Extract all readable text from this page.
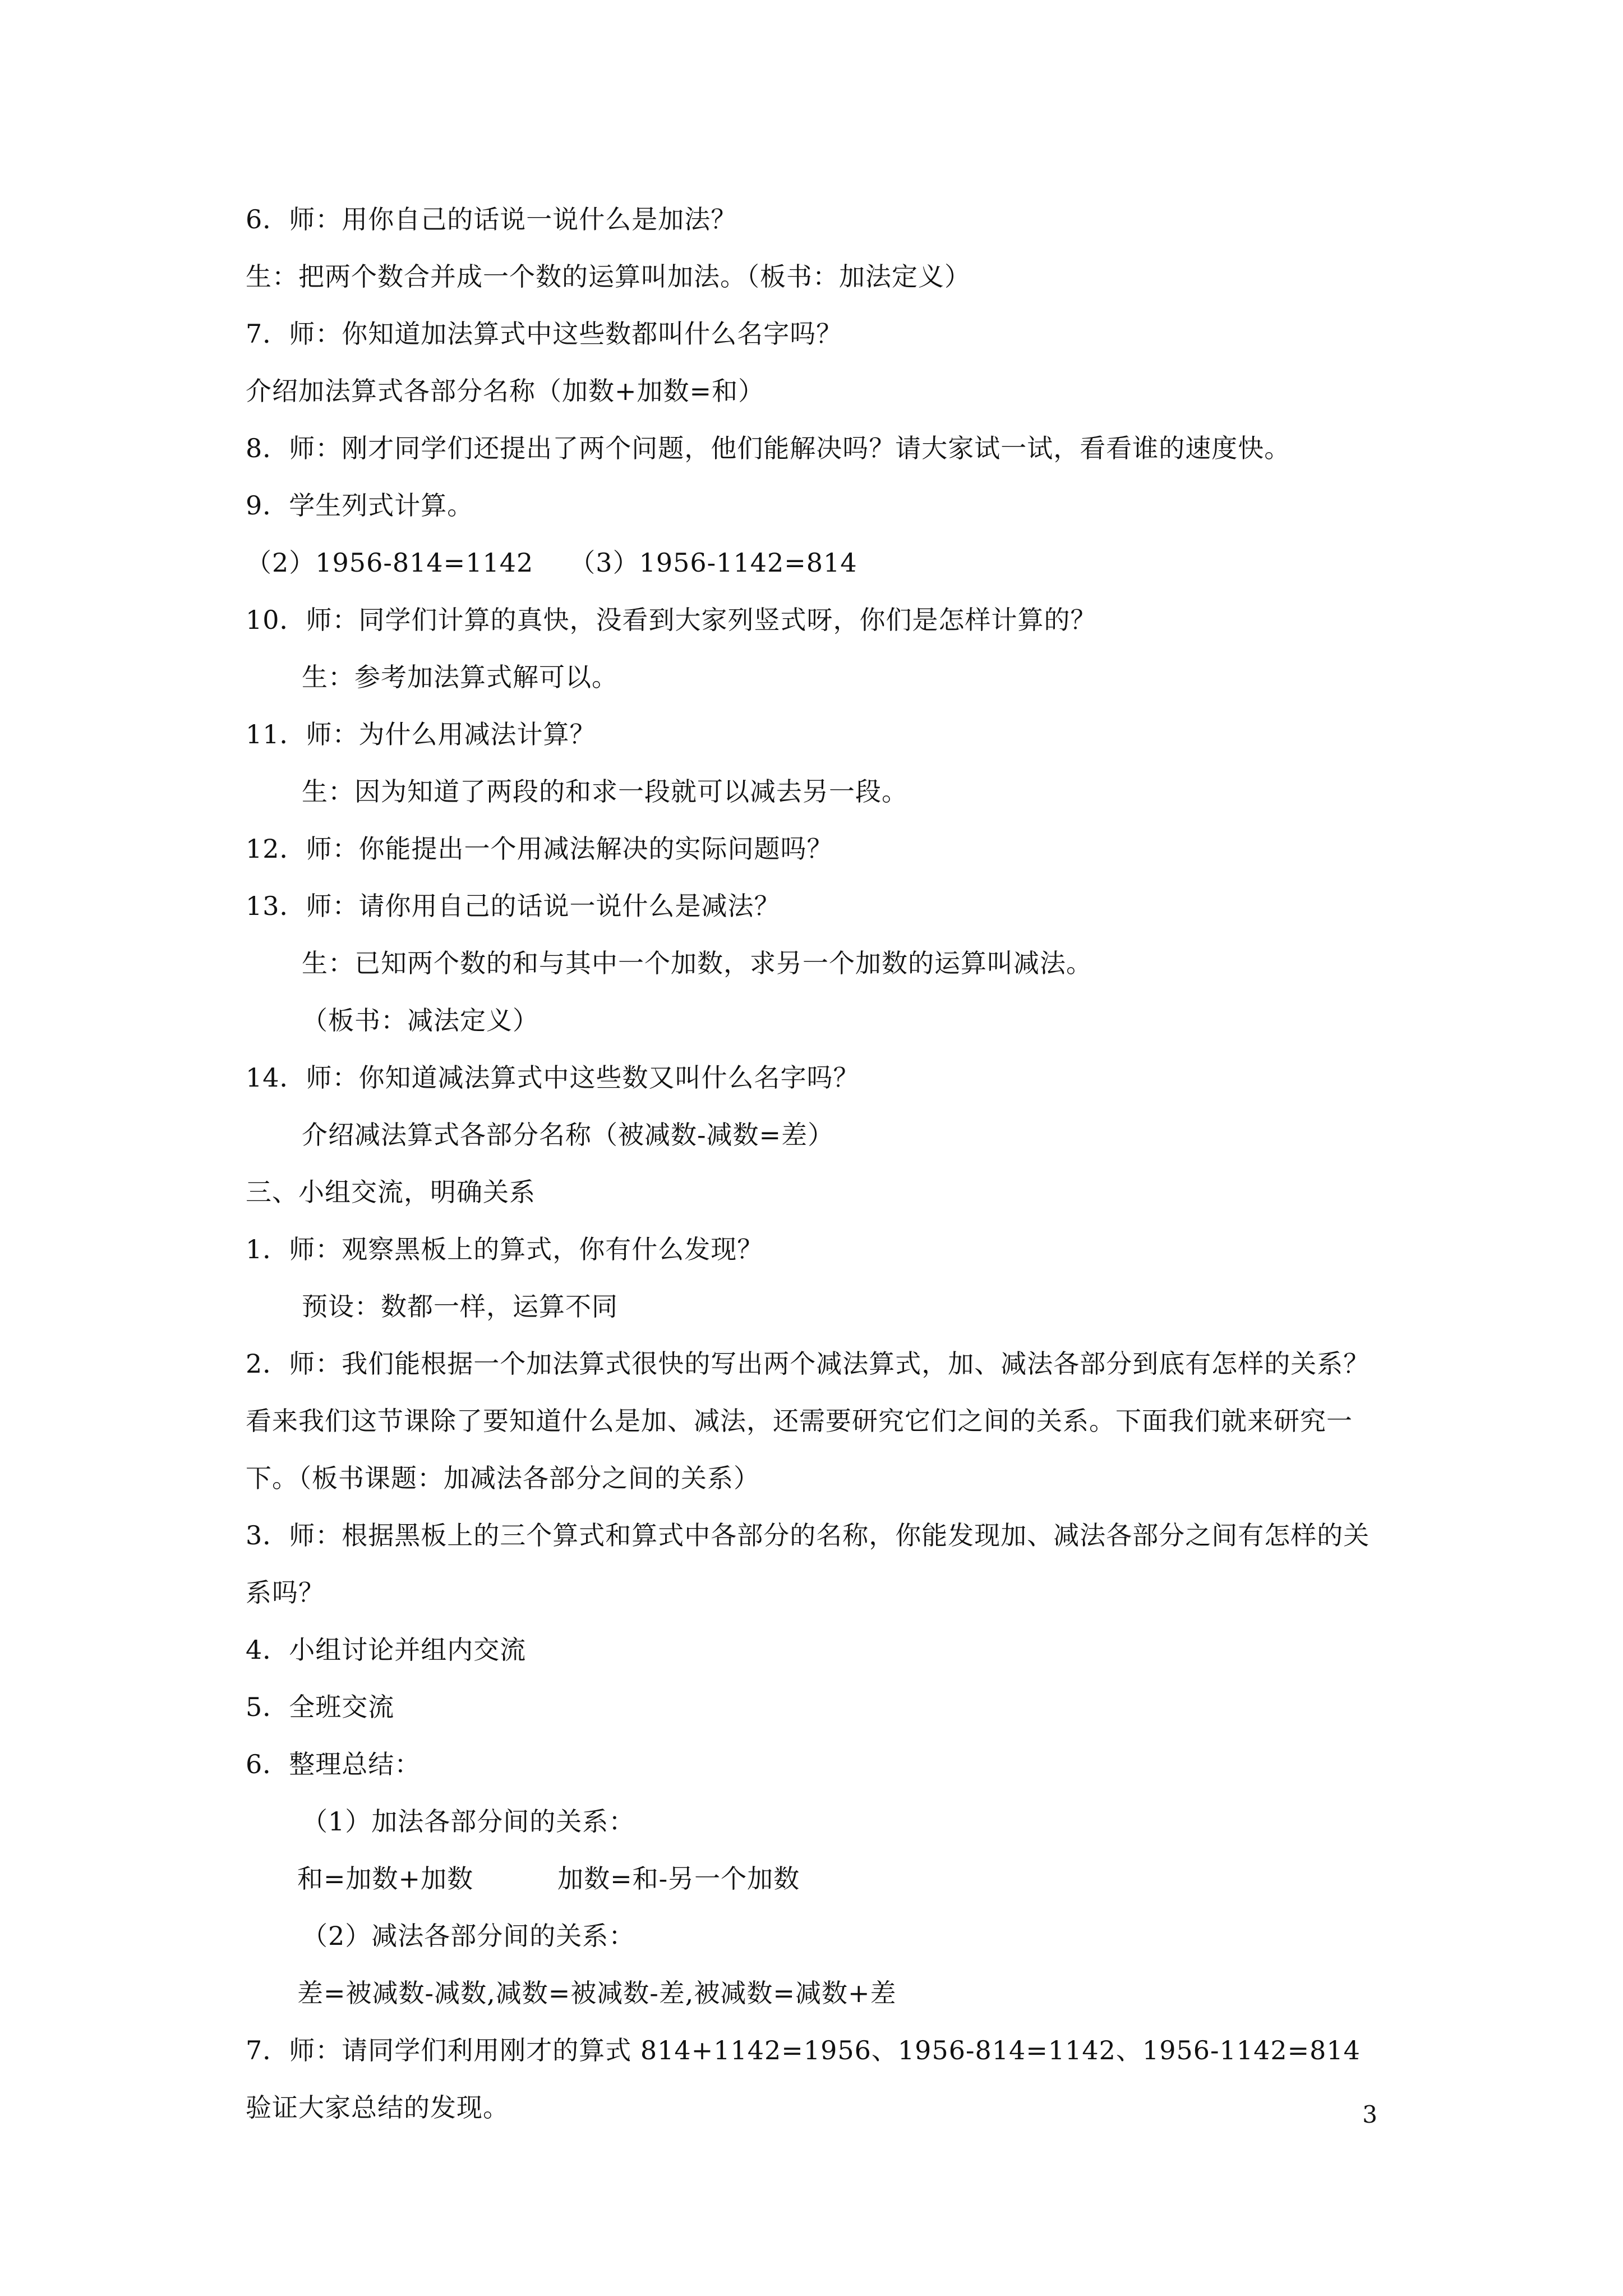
6．师：用你自己的话说一说什么是加法？
生：把两个数合并成一个数的运算叫加法。（板书：加法定义）
7．师：你知道加法算式中这些数都叫什么名字吗？
介绍加法算式各部分名称（加数+加数=和）
8．师：刚才同学们还提出了两个问题，他们能解决吗？请大家试一试，看看谁的速度快。
9．学生列式计算。
（2）1956-814=1142 （3）1956-1142=814
10．师：同学们计算的真快，没看到大家列竖式呀，你们是怎样计算的？
生：参考加法算式解可以。
11．师：为什么用减法计算？
生：因为知道了两段的和求一段就可以减去另一段。
12．师：你能提出一个用减法解决的实际问题吗？
13．师：请你用自己的话说一说什么是减法？
生：已知两个数的和与其中一个加数，求另一个加数的运算叫减法。
（板书：减法定义）
14．师：你知道减法算式中这些数又叫什么名字吗？
介绍减法算式各部分名称（被减数-减数=差）
三、小组交流，明确关系
1．师：观察黑板上的算式，你有什么发现？
预设：数都一样，运算不同
2．师：我们能根据一个加法算式很快的写出两个减法算式，加、减法各部分到底有怎样的关系？看来我们这节课除了要知道什么是加、减法，还需要研究它们之间的关系。下面我们就来研究一下。（板书课题：加减法各部分之间的关系）
3．师：根据黑板上的三个算式和算式中各部分的名称，你能发现加、减法各部分之间有怎样的关系吗？
4．小组讨论并组内交流
5．全班交流
6．整理总结：
（1）加法各部分间的关系：
和=加数+加数	加数=和-另一个加数
（2）减法各部分间的关系：
差=被减数-减数,减数=被减数-差,被减数=减数+差
7．师：请同学们利用刚才的算式 814+1142=1956、1956-814=1142、1956-1142=814 验证大家总结的发现。	3
